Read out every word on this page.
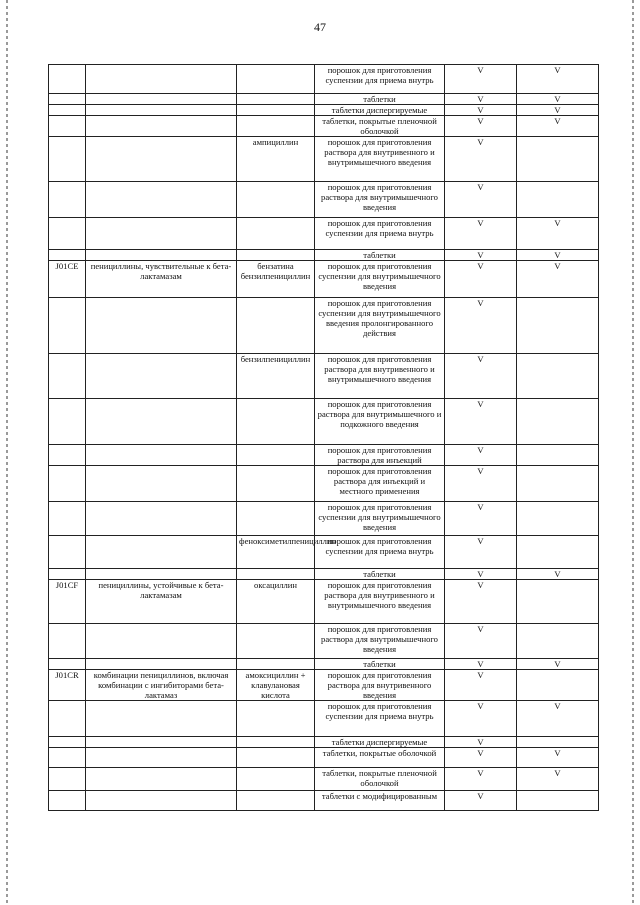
47
			порошок для приготовления суспензии для приема внутрь	V	V
			таблетки	V	V
			таблетки диспергируемые	V	V
			таблетки, покрытые пленочной оболочкой	V	V
		ампициллин	порошок для приготовления раствора для внутривенного и внутримышечного введения	V	
			порошок для приготовления раствора для внутримышечного введения	V	
			порошок для приготовления суспензии для приема внутрь	V	V
			таблетки	V	V
J01CE	пенициллины, чувствительные к бета-лактамазам	бензатина бензилпенициллин	порошок для приготовления суспензии для внутримышечного введения	V	V
			порошок для приготовления суспензии для внутримышечного введения пролонгированного действия	V	
		бензилпенициллин	порошок для приготовления раствора для внутривенного и внутримышечного введения	V	
			порошок для приготовления раствора для внутримышечного и подкожного введения	V	
			порошок для приготовления раствора для инъекций	V	
			порошок для приготовления раствора для инъекций и местного применения	V	
			порошок для приготовления суспензии для внутримышечного введения	V	
		феноксиметилпенициллин	порошок для приготовления суспензии для приема внутрь	V	
			таблетки	V	V
J01CF	пенициллины, устойчивые к бета-лактамазам	оксациллин	порошок для приготовления раствора для внутривенного и внутримышечного введения	V	
			порошок для приготовления раствора для внутримышечного введения	V	
			таблетки	V	V
J01CR	комбинации пенициллинов, включая комбинации с ингибиторами бета-лактамаз	амоксициллин + клавулановая кислота	порошок для приготовления раствора для внутривенного введения	V	
			порошок для приготовления суспензии для приема внутрь	V	V
			таблетки диспергируемые	V	
			таблетки, покрытые оболочкой	V	V
			таблетки, покрытые пленочной оболочкой	V	V
			таблетки с модифицированным	V	
